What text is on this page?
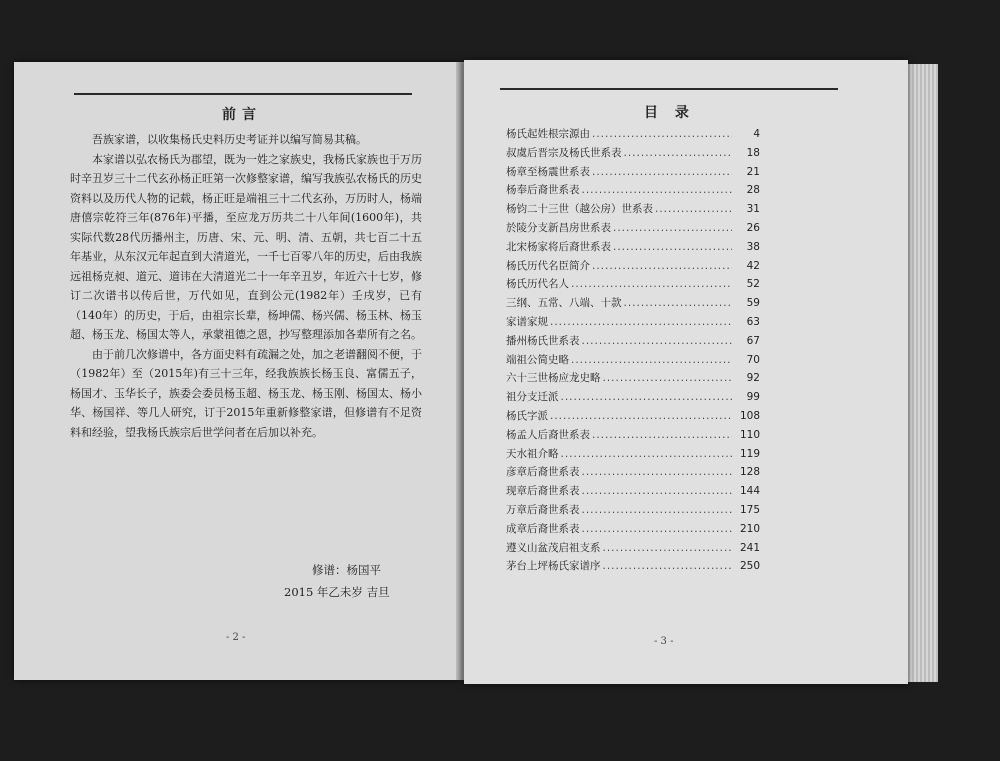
前言

吾族家谱，以收集杨氏史料历史考证并以编写简易其稿。

本家谱以弘农杨氏为郡望，既为一姓之家族史，我杨氏家族也于万历时辛丑岁三十二代玄孙杨正旺第一次修整家谱，编写我族弘农杨氏的历史资料以及历代人物的记载，杨正旺是端祖三十二代玄孙，万历时人，杨端唐僖宗乾符三年(876年)平播，至应龙万历共二十八年间(1600年)，共实际代数28代历播州主，历唐、宋、元、明、清、五朝，共七百二十五年基业，从东汉元年起直到大清道光，一千七百零八年的历史，后由我族远祖杨克昶、道元、道讳在大清道光二十一年辛丑岁，年近六十七岁，修订二次谱书以传后世，万代如见，直到公元(1982年）壬戌岁，已有（140年）的历史，于后，由祖宗长辈，杨坤儒、杨兴儒、杨玉林、杨玉超、杨玉龙、杨国太等人，承蒙祖德之恩，抄写整理添加各辈所有之名。

由于前几次修谱中，各方面史料有疏漏之处，加之老谱翻阅不便，于（1982年）至（2015年)有三十三年，经我族族长杨玉良、富儒五子，杨国才、玉华长子，族委会委员杨玉超、杨玉龙、杨玉刚、杨国太、杨小华、杨国祥、等几人研究，订于2015年重新修整家谱，但修谱有不足资料和经验，望我杨氏族宗后世学问者在后加以补充。

修谱：杨国平
2015 年乙未岁 吉旦
- 2 -
目 录
杨氏起姓根宗源由 .....	4
叔虞后晋宗及杨氏世系表 .....	18
杨章至杨震世系表 .....	21
杨奉后裔世系表 .....	28
杨钧二十三世（越公房）世系表 .....	31
於陵分支新昌房世系表 .....	26
北宋杨家将后裔世系表 .....	38
杨氏历代名臣简介 .....	42
杨氏历代名人 .....	52
三纲、五常、八端、十款 .....	59
家谱家规 .....	63
播州杨氏世系表 .....	67
端祖公简史略 .....	70
六十三世杨应龙史略 .....	92
祖分支迁派 .....	99
杨氏字派 .....	108
杨孟人后裔世系表 .....	110
天水祖介略 .....	119
彦章后裔世系表 .....	128
现章后裔世系表 .....	144
万章后裔世系表 .....	175
成章后裔世系表 .....	210
遵义山盆茂启祖支系 .....	241
茅台上坪杨氏家谱序 .....	250
- 3 -
